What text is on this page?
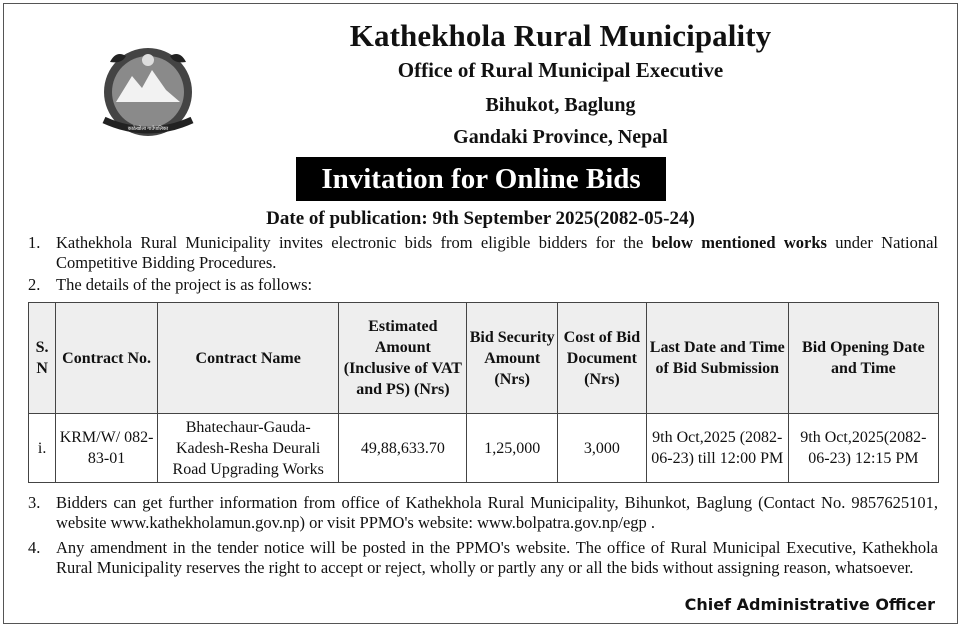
काठेखोला गाउँपालिका
Kathekhola Rural Municipality
Office of Rural Municipal Executive
Bihukot, Baglung
Gandaki Province, Nepal
Invitation for Online Bids
Date of publication: 9th September 2025(2082-05-24)
1. Kathekhola Rural Municipality invites electronic bids from eligible bidders for the below mentioned works under National Competitive Bidding Procedures.
2. The details of the project is as follows:
S. N	Contract No.	Contract Name	Estimated Amount (Inclusive of VAT and PS) (Nrs)	Bid Security Amount (Nrs)	Cost of Bid Document (Nrs)	Last Date and Time of Bid Submission	Bid Opening Date and Time
i.	KRM/W/ 082-83-01	Bhatechaur-Gauda-Kadesh-Resha Deurali Road Upgrading Works	49,88,633.70	1,25,000	3,000	9th Oct,2025 (2082-06-23) till 12:00 PM	9th Oct,2025(2082-06-23) 12:15 PM
3. Bidders can get further information from office of Kathekhola Rural Municipality, Bihunkot, Baglung (Contact No. 9857625101, website www.kathekholamun.gov.np) or visit PPMO's website: www.bolpatra.gov.np/egp .
4. Any amendment in the tender notice will be posted in the PPMO's website. The office of Rural Municipal Executive, Kathekhola Rural Municipality reserves the right to accept or reject, wholly or partly any or all the bids without assigning reason, whatsoever.
Chief Administrative Officer
